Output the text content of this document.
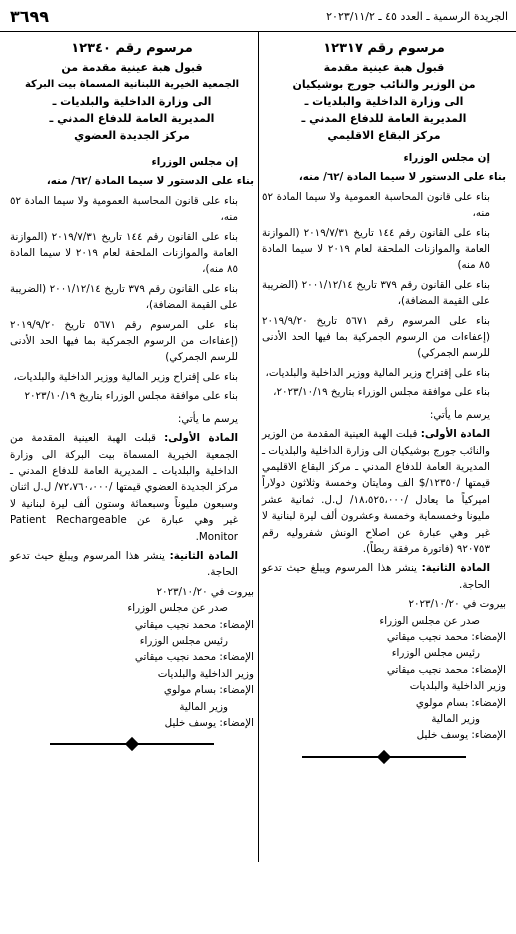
الجريدة الرسمية ـ العدد ٤٥ ـ ٢٠٢٣/١١/٢
٣٦٩٩
مرسوم رقم ١٢٣١٧
قبول هبة عينية مقدمة
من الوزير والنائب جورج بوشيكيان
الى وزارة الداخلية والبلديات ـ
المديرية العامة للدفاع المدني ـ
مركز البقاع الاقليمي

إن مجلس الوزراء

بناء على الدستور لا سيما المادة /٦٢/ منه،

بناء على قانون المحاسبة العمومية ولا سيما المادة ٥٢ منه،

بناء على القانون رقم ١٤٤ تاريخ ٢٠١٩/٧/٣١ (الموازنة العامة والموازنات الملحقة لعام ٢٠١٩ لا سيما المادة ٨٥ منه)

بناء على القانون رقم ٣٧٩ تاريخ ٢٠٠١/١٢/١٤ (الضريبة على القيمة المضافة)،

بناء على المرسوم رقم ٥٦٧١ تاريخ ٢٠١٩/٩/٢٠ (إعفاءات من الرسوم الجمركية بما فيها الحد الأدنى للرسم الجمركي)

بناء على إقتراح وزير المالية ووزير الداخلية والبلديات،

بناء على موافقة مجلس الوزراء بتاريخ ٢٠٢٣/١٠/١٩،

يرسم ما يأتي:

المادة الأولى: قبلت الهبة العينية المقدمة من الوزير والنائب جورج بوشيكيان الى وزارة الداخلية والبلديات ـ المديرية العامة للدفاع المدني ـ مركز البقاع الاقليمي قيمتها /١٢٣٥٠/$ الف ومايتان وخمسة وثلاثون دولاراً اميركياً ما يعادل /١٨،٥٢٥،٠٠٠/ ل.ل. ثمانية عشر مليونا وخمسماية وخمسة وعشرون ألف ليرة لبنانية لا غير وهي عبارة عن اصلاح الونش شفروليه رقم ٩٢٠٧٥٣ (فاتورة مرفقة ربطاً).

المادة الثانية: ينشر هذا المرسوم ويبلغ حيث تدعو الحاجة.

بيروت في ٢٠٢٣/١٠/٢٠

صدر عن مجلس الوزراء

الإمضاء: محمد نجيب ميقاتي

رئيس مجلس الوزراء

الإمضاء: محمد نجيب ميقاتي

وزير الداخلية والبلديات

الإمضاء: بسام مولوي

وزير المالية

الإمضاء: يوسف خليل

مرسوم رقم ١٢٣٤٠
قبول هبة عينية مقدمة من
الجمعية الخيرية اللبنانية المسماة بيت البركة
الى وزارة الداخلية والبلديات ـ
المديرية العامة للدفاع المدني ـ
مركز الجديدة العضوي

إن مجلس الوزراء

بناء على الدستور لا سيما المادة /٦٢/ منه،

بناء على قانون المحاسبة العمومية ولا سيما المادة ٥٢ منه،

بناء على القانون رقم ١٤٤ تاريخ ٢٠١٩/٧/٣١ (الموازنة العامة والموازنات الملحقة لعام ٢٠١٩ لا سيما المادة ٨٥ منه)،

بناء على القانون رقم ٣٧٩ تاريخ ٢٠٠١/١٢/١٤ (الضريبة على القيمة المضافة)،

بناء على المرسوم رقم ٥٦٧١ تاريخ ٢٠١٩/٩/٢٠ (إعفاءات من الرسوم الجمركية بما فيها الحد الأدنى للرسم الجمركي)

بناء على إقتراح وزير المالية ووزير الداخلية والبلديات،

بناء على موافقة مجلس الوزراء بتاريخ ٢٠٢٣/١٠/١٩

يرسم ما يأتي:

المادة الأولى: قبلت الهبة العينية المقدمة من الجمعية الخيرية المسماة بيت البركة الى وزارة الداخلية والبلديات ـ المديرية العامة للدفاع المدني ـ مركز الجديدة العضوي قيمتها /٧٢،٧٦٠،٠٠٠/ ل.ل اثنان وسبعون مليوناً وسبعمائة وستون ألف ليرة لبنانية لا غير وهي عبارة عن Patient Rechargeable Monitor.

المادة الثانية: ينشر هذا المرسوم ويبلغ حيث تدعو الحاجة.

بيروت في ٢٠٢٣/١٠/٢٠

صدر عن مجلس الوزراء

الإمضاء: محمد نجيب ميقاتي

رئيس مجلس الوزراء

الإمضاء: محمد نجيب ميقاتي

وزير الداخلية والبلديات

الإمضاء: بسام مولوي

وزير المالية

الإمضاء: يوسف خليل
